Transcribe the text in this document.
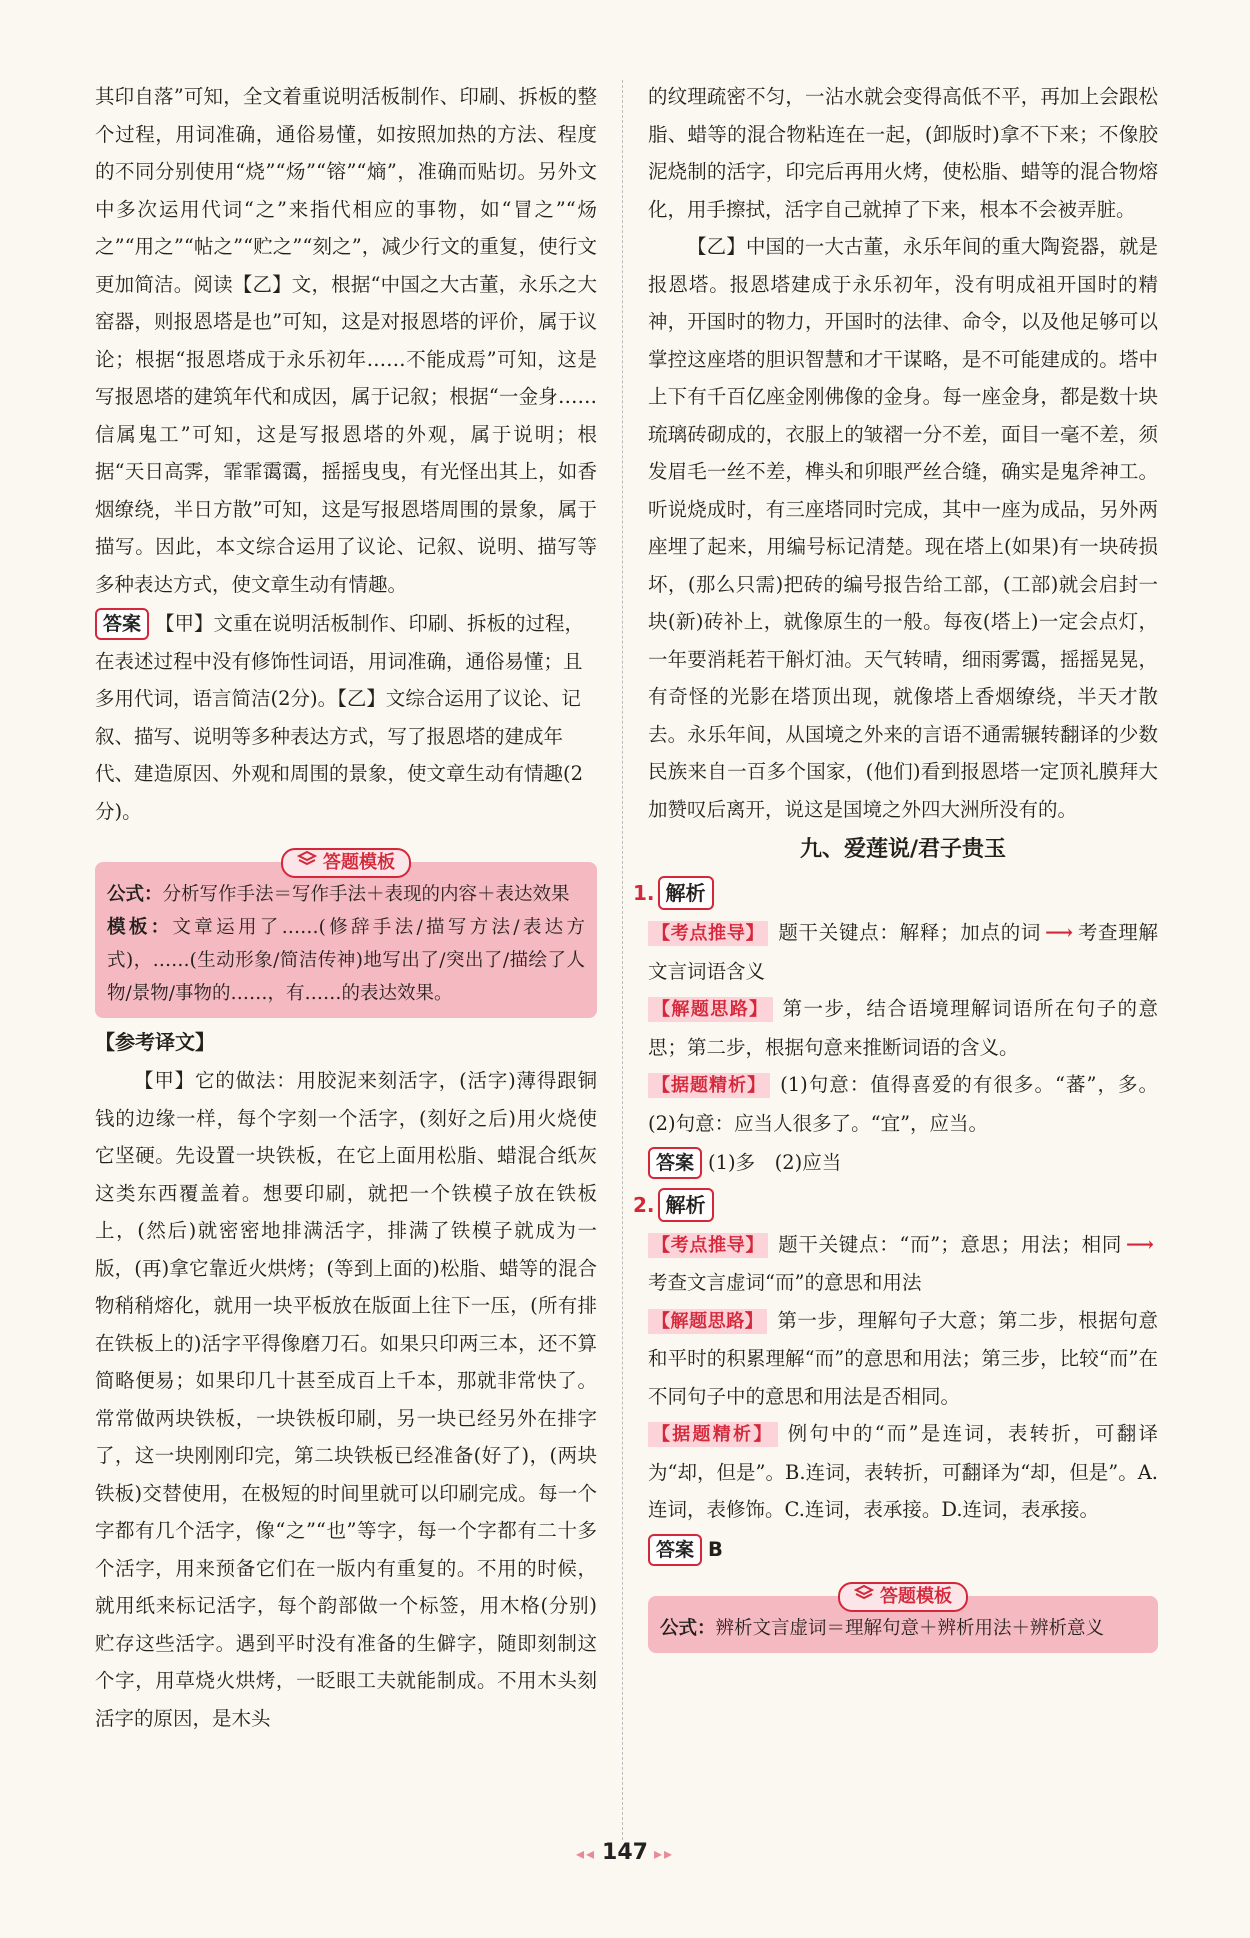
其印自落”可知，全文着重说明活板制作、印刷、拆板的整个过程，用词准确，通俗易懂，如按照加热的方法、程度的不同分别使用“烧”“炀”“镕”“熵”，准确而贴切。另外文中多次运用代词“之”来指代相应的事物，如“冒之”“炀之”“用之”“帖之”“贮之”“刻之”，减少行文的重复，使行文更加简洁。阅读【乙】文，根据“中国之大古董，永乐之大窑器，则报恩塔是也”可知，这是对报恩塔的评价，属于议论；根据“报恩塔成于永乐初年……不能成焉”可知，这是写报恩塔的建筑年代和成因，属于记叙；根据“一金身……信属鬼工”可知，这是写报恩塔的外观，属于说明；根据“天日高霁，霏霏霭霭，摇摇曳曳，有光怪出其上，如香烟缭绕，半日方散”可知，这是写报恩塔周围的景象，属于描写。因此，本文综合运用了议论、记叙、说明、描写等多种表达方式，使文章生动有情趣。

答案 【甲】文重在说明活板制作、印刷、拆板的过程，在表述过程中没有修饰性词语，用词准确，通俗易懂；且多用代词，语言简洁(2分)。【乙】文综合运用了议论、记叙、描写、说明等多种表达方式，写了报恩塔的建成年代、建造原因、外观和周围的景象，使文章生动有情趣(2分)。
答题模板

公式：分析写作手法＝写作手法＋表现的内容＋表达效果

模板：文章运用了……(修辞手法/描写方法/表达方式)，……(生动形象/简洁传神)地写出了/突出了/描绘了人物/景物/事物的……，有……的表达效果。

【参考译文】

【甲】它的做法：用胶泥来刻活字，(活字)薄得跟铜钱的边缘一样，每个字刻一个活字，(刻好之后)用火烧使它坚硬。先设置一块铁板，在它上面用松脂、蜡混合纸灰这类东西覆盖着。想要印刷，就把一个铁模子放在铁板上，(然后)就密密地排满活字，排满了铁模子就成为一版，(再)拿它靠近火烘烤；(等到上面的)松脂、蜡等的混合物稍稍熔化，就用一块平板放在版面上往下一压，(所有排在铁板上的)活字平得像磨刀石。如果只印两三本，还不算简略便易；如果印几十甚至成百上千本，那就非常快了。常常做两块铁板，一块铁板印刷，另一块已经另外在排字了，这一块刚刚印完，第二块铁板已经准备(好了)，(两块铁板)交替使用，在极短的时间里就可以印刷完成。每一个字都有几个活字，像“之”“也”等字，每一个字都有二十多个活字，用来预备它们在一版内有重复的。不用的时候，就用纸来标记活字，每个韵部做一个标签，用木格(分别)贮存这些活字。遇到平时没有准备的生僻字，随即刻制这个字，用草烧火烘烤，一眨眼工夫就能制成。不用木头刻活字的原因，是木头

的纹理疏密不匀，一沾水就会变得高低不平，再加上会跟松脂、蜡等的混合物粘连在一起，(卸版时)拿不下来；不像胶泥烧制的活字，印完后再用火烤，使松脂、蜡等的混合物熔化，用手擦拭，活字自己就掉了下来，根本不会被弄脏。

【乙】中国的一大古董，永乐年间的重大陶瓷器，就是报恩塔。报恩塔建成于永乐初年，没有明成祖开国时的精神，开国时的物力，开国时的法律、命令，以及他足够可以掌控这座塔的胆识智慧和才干谋略，是不可能建成的。塔中上下有千百亿座金刚佛像的金身。每一座金身，都是数十块琉璃砖砌成的，衣服上的皱褶一分不差，面目一毫不差，须发眉毛一丝不差，榫头和卯眼严丝合缝，确实是鬼斧神工。听说烧成时，有三座塔同时完成，其中一座为成品，另外两座埋了起来，用编号标记清楚。现在塔上(如果)有一块砖损坏，(那么只需)把砖的编号报告给工部，(工部)就会启封一块(新)砖补上，就像原生的一般。每夜(塔上)一定会点灯，一年要消耗若干斛灯油。天气转晴，细雨雾霭，摇摇晃晃，有奇怪的光影在塔顶出现，就像塔上香烟缭绕，半天才散去。永乐年间，从国境之外来的言语不通需辗转翻译的少数民族来自一百多个国家，(他们)看到报恩塔一定顶礼膜拜大加赞叹后离开，说这是国境之外四大洲所没有的。

九、爱莲说/君子贵玉
1. 解析

【考点推导】 题干关键点：解释；加点的词 ⟶ 考查理解文言词语含义

【解题思路】 第一步，结合语境理解词语所在句子的意思；第二步，根据句意来推断词语的含义。

【据题精析】 (1)句意：值得喜爱的有很多。“蕃”，多。(2)句意：应当人很多了。“宜”，应当。

答案 (1)多　(2)应当
2. 解析

【考点推导】 题干关键点：“而”；意思；用法；相同 ⟶考查文言虚词“而”的意思和用法

【解题思路】 第一步，理解句子大意；第二步，根据句意和平时的积累理解“而”的意思和用法；第三步，比较“而”在不同句子中的意思和用法是否相同。

【据题精析】 例句中的“而”是连词，表转折，可翻译为“却，但是”。B.连词，表转折，可翻译为“却，但是”。A.连词，表修饰。C.连词，表承接。D.连词，表承接。

答案 B
答题模板

公式：辨析文言虚词＝理解句意＋辨析用法＋辨析意义

◂◂ 147 ▸▸
